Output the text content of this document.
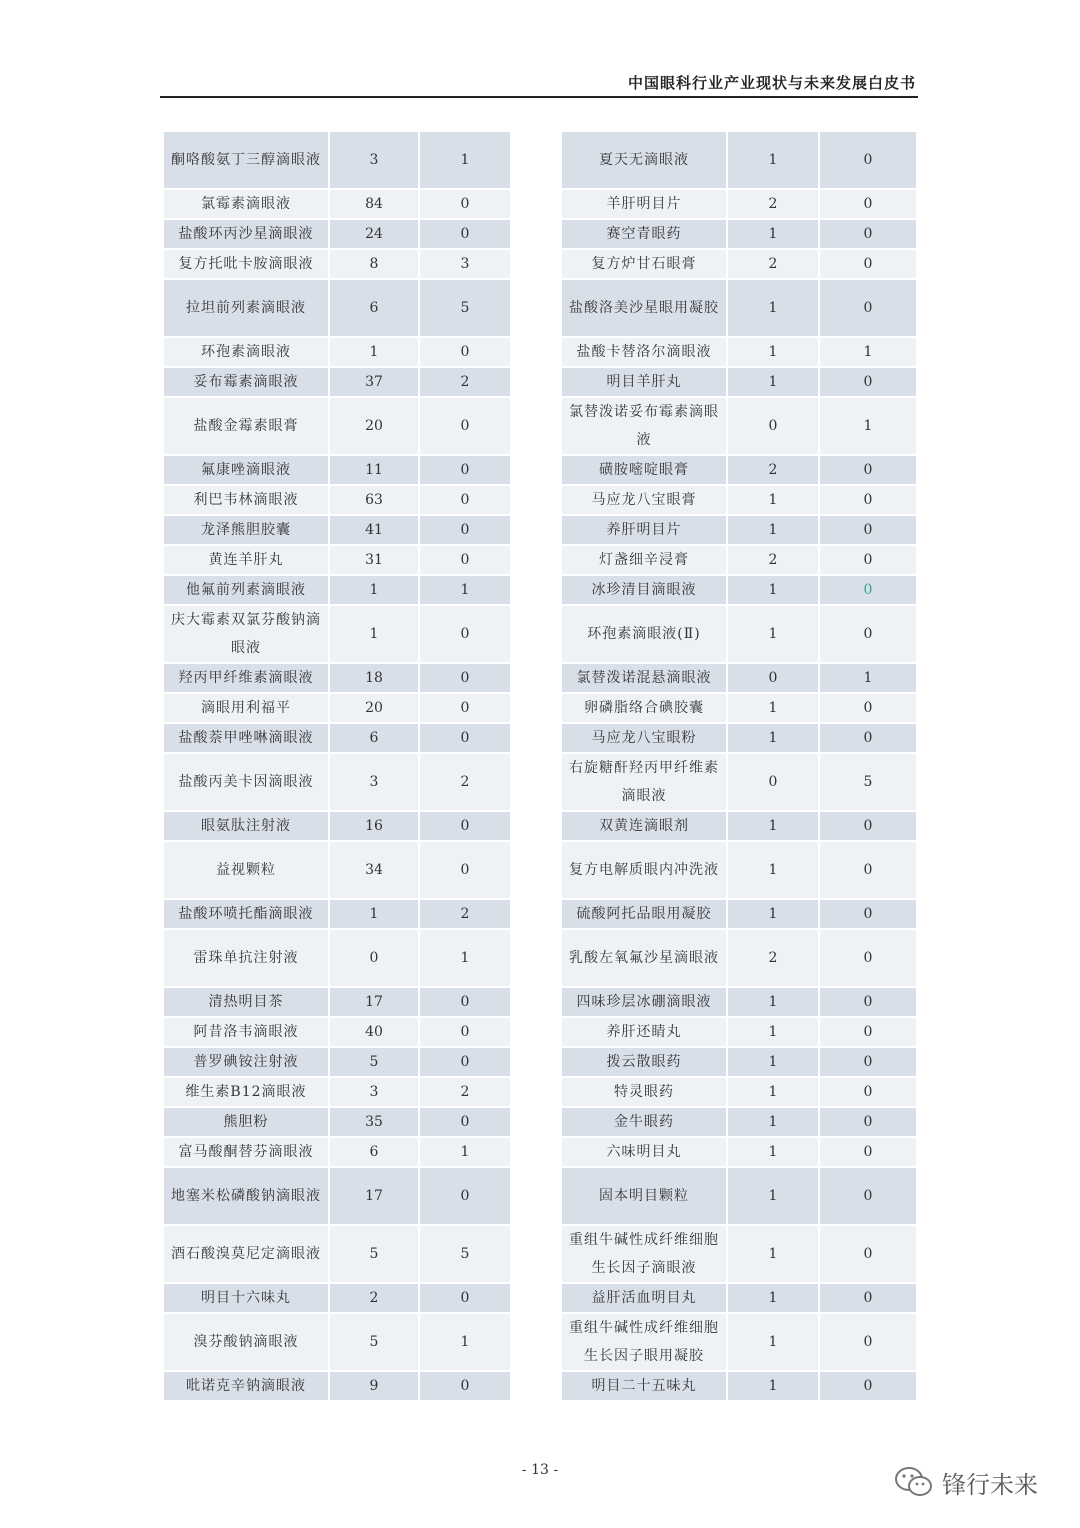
中国眼科行业产业现状与未来发展白皮书
酮咯酸氨丁三醇滴眼液	3	1
氯霉素滴眼液	84	0
盐酸环丙沙星滴眼液	24	0
复方托吡卡胺滴眼液	8	3
拉坦前列素滴眼液	6	5
环孢素滴眼液	1	0
妥布霉素滴眼液	37	2
盐酸金霉素眼膏	20	0
氟康唑滴眼液	11	0
利巴韦林滴眼液	63	0
龙泽熊胆胶囊	41	0
黄连羊肝丸	31	0
他氟前列素滴眼液	1	1
庆大霉素双氯芬酸钠滴眼液	1	0
羟丙甲纤维素滴眼液	18	0
滴眼用利福平	20	0
盐酸萘甲唑啉滴眼液	6	0
盐酸丙美卡因滴眼液	3	2
眼氨肽注射液	16	0
益视颗粒	34	0
盐酸环喷托酯滴眼液	1	2
雷珠单抗注射液	0	1
清热明目茶	17	0
阿昔洛韦滴眼液	40	0
普罗碘铵注射液	5	0
维生素B12滴眼液	3	2
熊胆粉	35	0
富马酸酮替芬滴眼液	6	1
地塞米松磷酸钠滴眼液	17	0
酒石酸溴莫尼定滴眼液	5	5
明目十六味丸	2	0
溴芬酸钠滴眼液	5	1
吡诺克辛钠滴眼液	9	0
夏天无滴眼液	1	0
羊肝明目片	2	0
赛空青眼药	1	0
复方炉甘石眼膏	2	0
盐酸洛美沙星眼用凝胶	1	0
盐酸卡替洛尔滴眼液	1	1
明目羊肝丸	1	0
氯替泼诺妥布霉素滴眼液	0	1
磺胺嘧啶眼膏	2	0
马应龙八宝眼膏	1	0
养肝明目片	1	0
灯盏细辛浸膏	2	0
冰珍清目滴眼液	1	0
环孢素滴眼液(Ⅱ)	1	0
氯替泼诺混悬滴眼液	0	1
卵磷脂络合碘胶囊	1	0
马应龙八宝眼粉	1	0
右旋糖酐羟丙甲纤维素滴眼液	0	5
双黄连滴眼剂	1	0
复方电解质眼内冲洗液	1	0
硫酸阿托品眼用凝胶	1	0
乳酸左氧氟沙星滴眼液	2	0
四味珍层冰硼滴眼液	1	0
养肝还睛丸	1	0
拨云散眼药	1	0
特灵眼药	1	0
金牛眼药	1	0
六味明目丸	1	0
固本明目颗粒	1	0
重组牛碱性成纤维细胞生长因子滴眼液	1	0
益肝活血明目丸	1	0
重组牛碱性成纤维细胞生长因子眼用凝胶	1	0
明目二十五味丸	1	0
- 13 -
锋行未来
